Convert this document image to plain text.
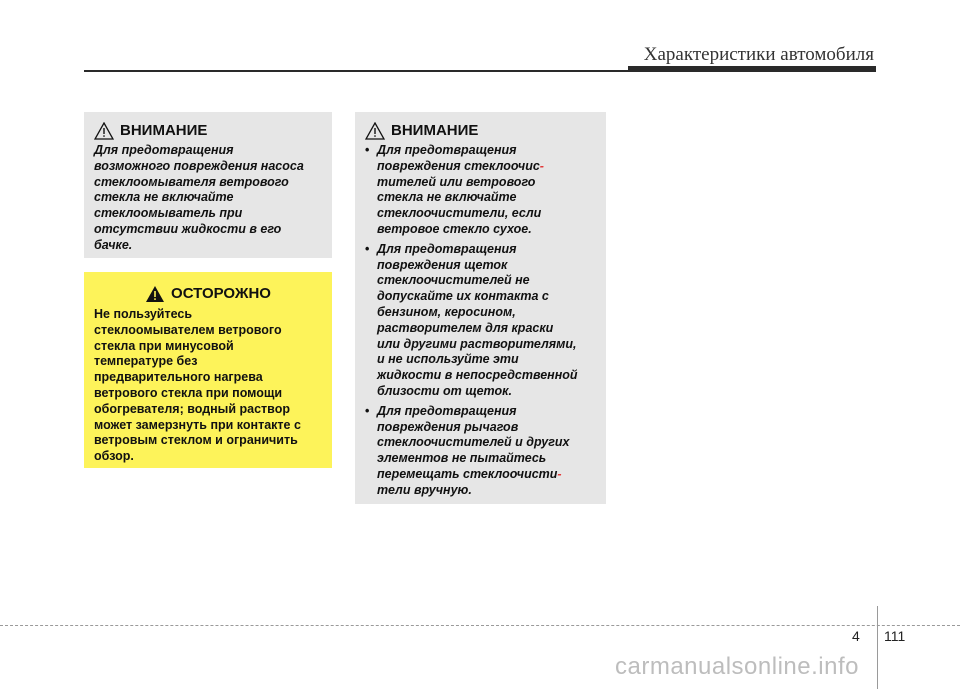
Характеристики автомобиля
ВНИМАНИЕ

Для предотвращения

возможного повреждения насоса

стеклоомывателя ветрового

стекла не включайте

стеклоомыватель при

отсутствии жидкости в его

бачке.

ОСТОРОЖНО

Не пользуйтесь

стеклоомывателем ветрового

стекла при минусовой

температуре без

предварительного нагрева

ветрового стекла при помощи

обогревателя; водный раствор

может замерзнуть при контакте с

ветровым стеклом и ограничить

обзор.

ВНИМАНИЕ

• Для предотвращения

повреждения стеклоочис-

тителей или ветрового

стекла не включайте

стеклоочистители, если

ветровое стекло сухое.

• Для предотвращения

повреждения щеток

стеклоочистителей не

допускайте их контакта с

бензином, керосином,

растворителем для краски

или другими растворителями,

и не используйте эти

жидкости в непосредственной

близости от щеток.

• Для предотвращения

повреждения рычагов

стеклоочистителей и других

элементов не пытайтесь

перемещать стеклоочисти-

тели вручную.

4 111
carmanualsonline.info
